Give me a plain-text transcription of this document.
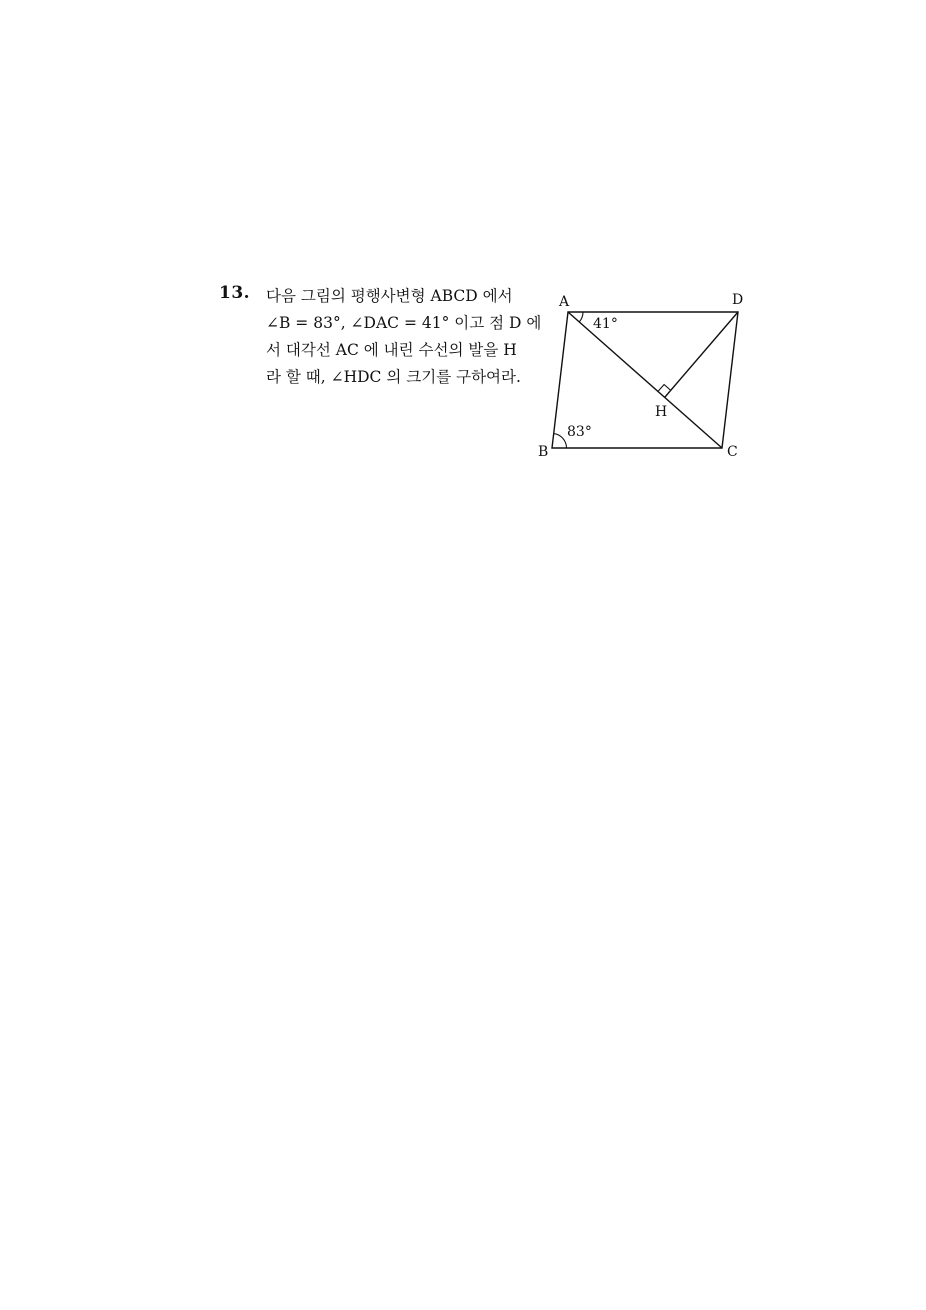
13. 다음 그림의 평행사변형 ABCD 에서
∠B = 83°, ∠DAC = 41° 이고 점 D 에
서 대각선 AC 에 내린 수선의 발을 H
라 할 때, ∠HDC 의 크기를 구하여라.
A	D
B	C
H
41°
83°
